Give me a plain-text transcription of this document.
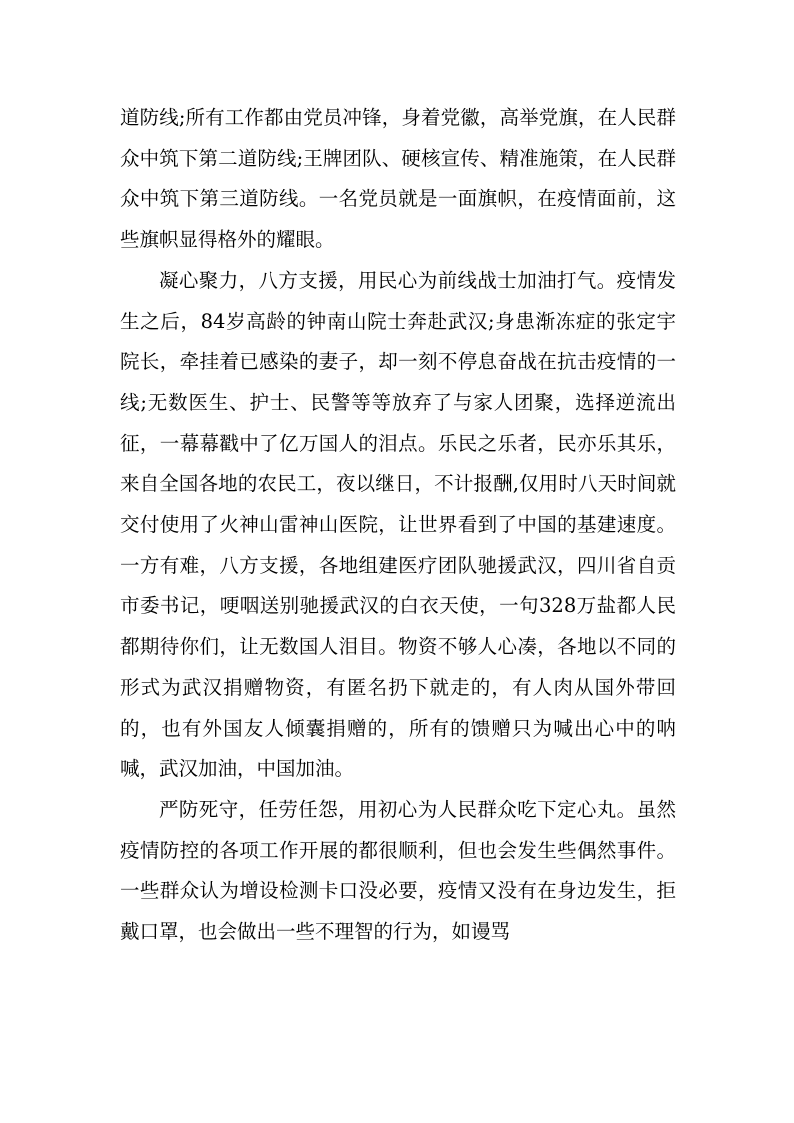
道防线;所有工作都由党员冲锋，身着党徽，高举党旗，在人民群众中筑下第二道防线;王牌团队、硬核宣传、精准施策，在人民群众中筑下第三道防线。一名党员就是一面旗帜，在疫情面前，这些旗帜显得格外的耀眼。

凝心聚力，八方支援，用民心为前线战士加油打气。疫情发生之后，84岁高龄的钟南山院士奔赴武汉;身患渐冻症的张定宇院长，牵挂着已感染的妻子，却一刻不停息奋战在抗击疫情的一线;无数医生、护士、民警等等放弃了与家人团聚，选择逆流出征，一幕幕戳中了亿万国人的泪点。乐民之乐者，民亦乐其乐，来自全国各地的农民工，夜以继日，不计报酬,仅用时八天时间就交付使用了火神山雷神山医院，让世界看到了中国的基建速度。一方有难，八方支援，各地组建医疗团队驰援武汉，四川省自贡市委书记，哽咽送别驰援武汉的白衣天使，一句328万盐都人民都期待你们，让无数国人泪目。物资不够人心凑，各地以不同的形式为武汉捐赠物资，有匿名扔下就走的，有人肉从国外带回的，也有外国友人倾囊捐赠的，所有的馈赠只为喊出心中的呐喊，武汉加油，中国加油。

严防死守，任劳任怨，用初心为人民群众吃下定心丸。虽然疫情防控的各项工作开展的都很顺利，但也会发生些偶然事件。一些群众认为增设检测卡口没必要，疫情又没有在身边发生，拒戴口罩，也会做出一些不理智的行为，如谩骂
